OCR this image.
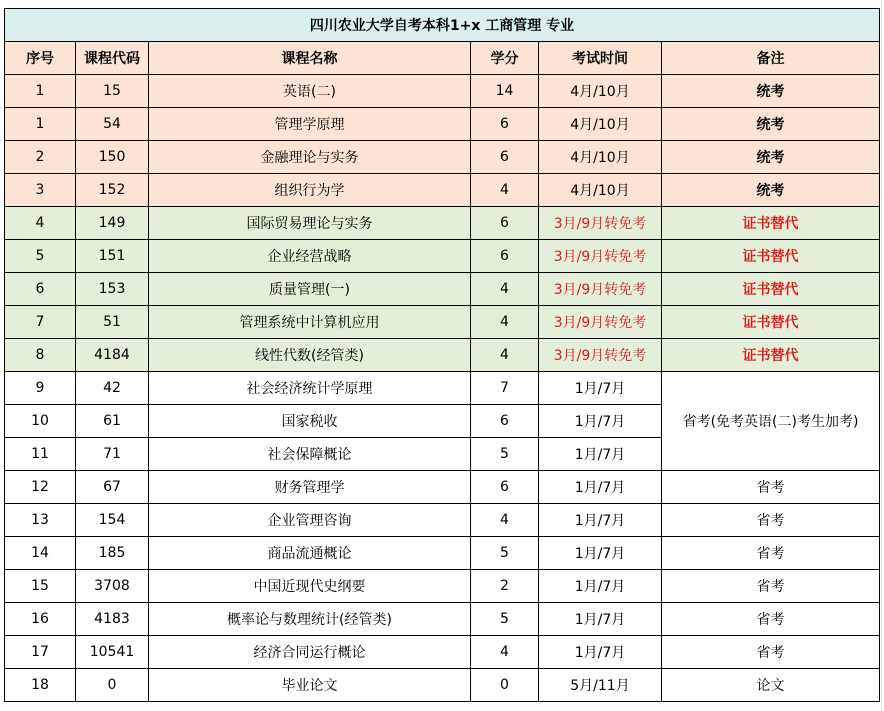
四川农业大学自考本科1+x 工商管理 专业					
序号	课程代码	课程名称	学分	考试时间	备注
1	15	英语(二)	14	4月/10月	统考
1	54	管理学原理	6	4月/10月	统考
2	150	金融理论与实务	6	4月/10月	统考
3	152	组织行为学	4	4月/10月	统考
4	149	国际贸易理论与实务	6	3月/9月转免考	证书替代
5	151	企业经营战略	6	3月/9月转免考	证书替代
6	153	质量管理(一)	4	3月/9月转免考	证书替代
7	51	管理系统中计算机应用	4	3月/9月转免考	证书替代
8	4184	线性代数(经管类)	4	3月/9月转免考	证书替代
9	42	社会经济统计学原理	7	1月/7月	省考(免考英语(二)考生加考)
10	61	国家税收	6	1月/7月	
11	71	社会保障概论	5	1月/7月	
12	67	财务管理学	6	1月/7月	省考
13	154	企业管理咨询	4	1月/7月	省考
14	185	商品流通概论	5	1月/7月	省考
15	3708	中国近现代史纲要	2	1月/7月	省考
16	4183	概率论与数理统计(经管类)	5	1月/7月	省考
17	10541	经济合同运行概论	4	1月/7月	省考
18	0	毕业论文	0	5月/11月	论文
